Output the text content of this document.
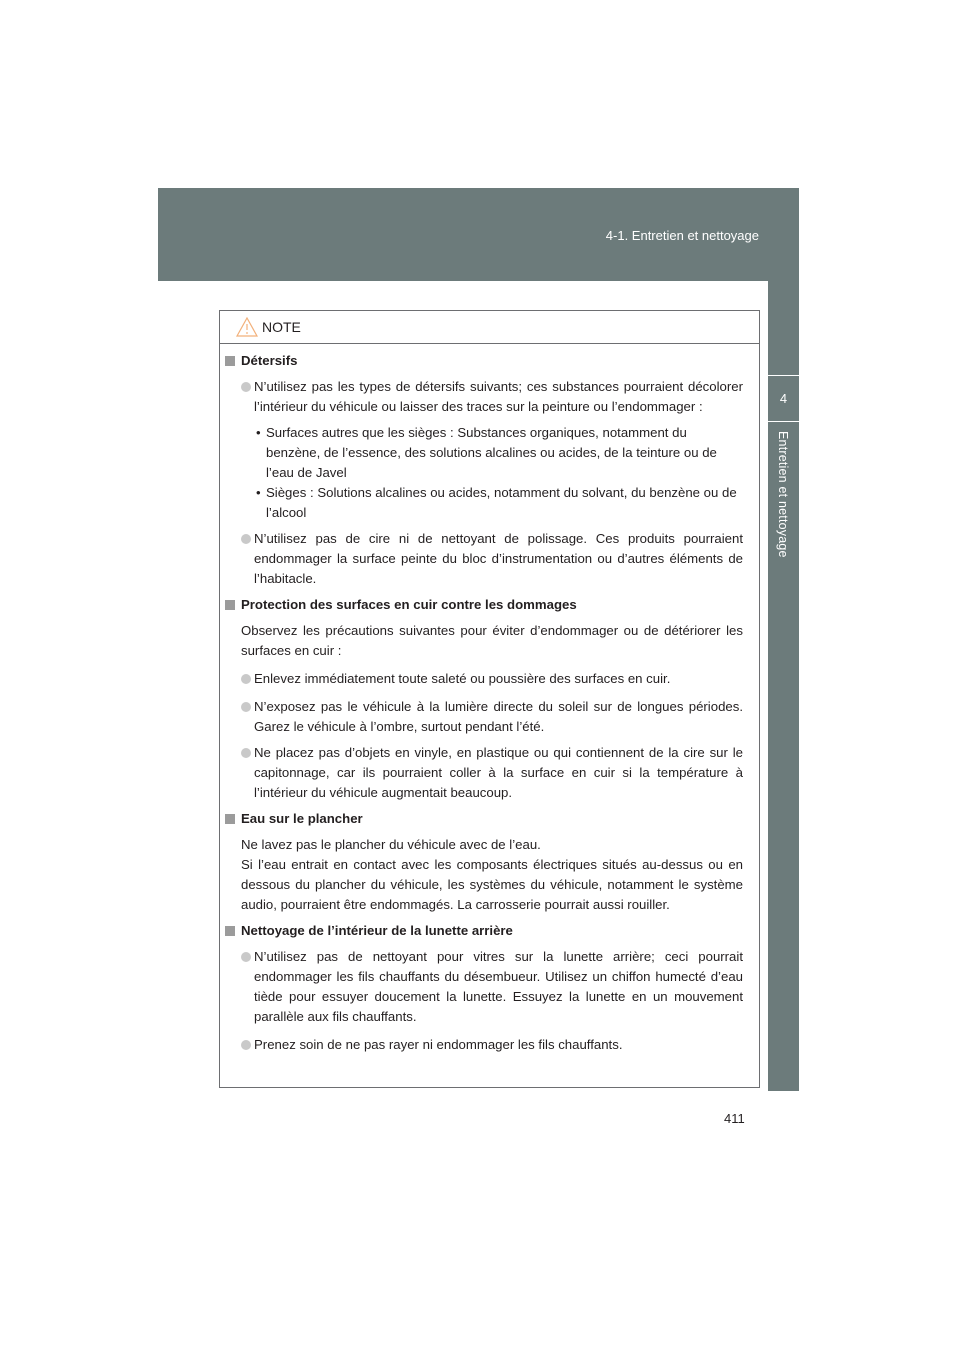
4-1. Entretien et nettoyage
4
Entretien et nettoyage
NOTE
Détersifs
N’utilisez pas les types de détersifs suivants; ces substances pourraient décolorer l’intérieur du véhicule ou laisser des traces sur la peinture ou l’endommager :
• Surfaces autres que les sièges : Substances organiques, notamment du benzène, de l’essence, des solutions alcalines ou acides, de la teinture ou de l’eau de Javel
• Sièges : Solutions alcalines ou acides, notamment du solvant, du benzène ou de l’alcool
N’utilisez pas de cire ni de nettoyant de polissage. Ces produits pourraient endommager la surface peinte du bloc d’instrumentation ou d’autres éléments de l’habitacle.
Protection des surfaces en cuir contre les dommages
Observez les précautions suivantes pour éviter d’endommager ou de détériorer les surfaces en cuir :
Enlevez immédiatement toute saleté ou poussière des surfaces en cuir.
N’exposez pas le véhicule à la lumière directe du soleil sur de longues périodes. Garez le véhicule à l’ombre, surtout pendant l’été.
Ne placez pas d’objets en vinyle, en plastique ou qui contiennent de la cire sur le capitonnage, car ils pourraient coller à la surface en cuir si la température à l’intérieur du véhicule augmentait beaucoup.
Eau sur le plancher
Ne lavez pas le plancher du véhicule avec de l’eau.
Si l’eau entrait en contact avec les composants électriques situés au-dessus ou en dessous du plancher du véhicule, les systèmes du véhicule, notamment le système audio, pourraient être endommagés. La carrosserie pourrait aussi rouiller.
Nettoyage de l’intérieur de la lunette arrière
N’utilisez pas de nettoyant pour vitres sur la lunette arrière; ceci pourrait endommager les fils chauffants du désembueur. Utilisez un chiffon humecté d’eau tiède pour essuyer doucement la lunette. Essuyez la lunette en un mouvement parallèle aux fils chauffants.
Prenez soin de ne pas rayer ni endommager les fils chauffants.
411
